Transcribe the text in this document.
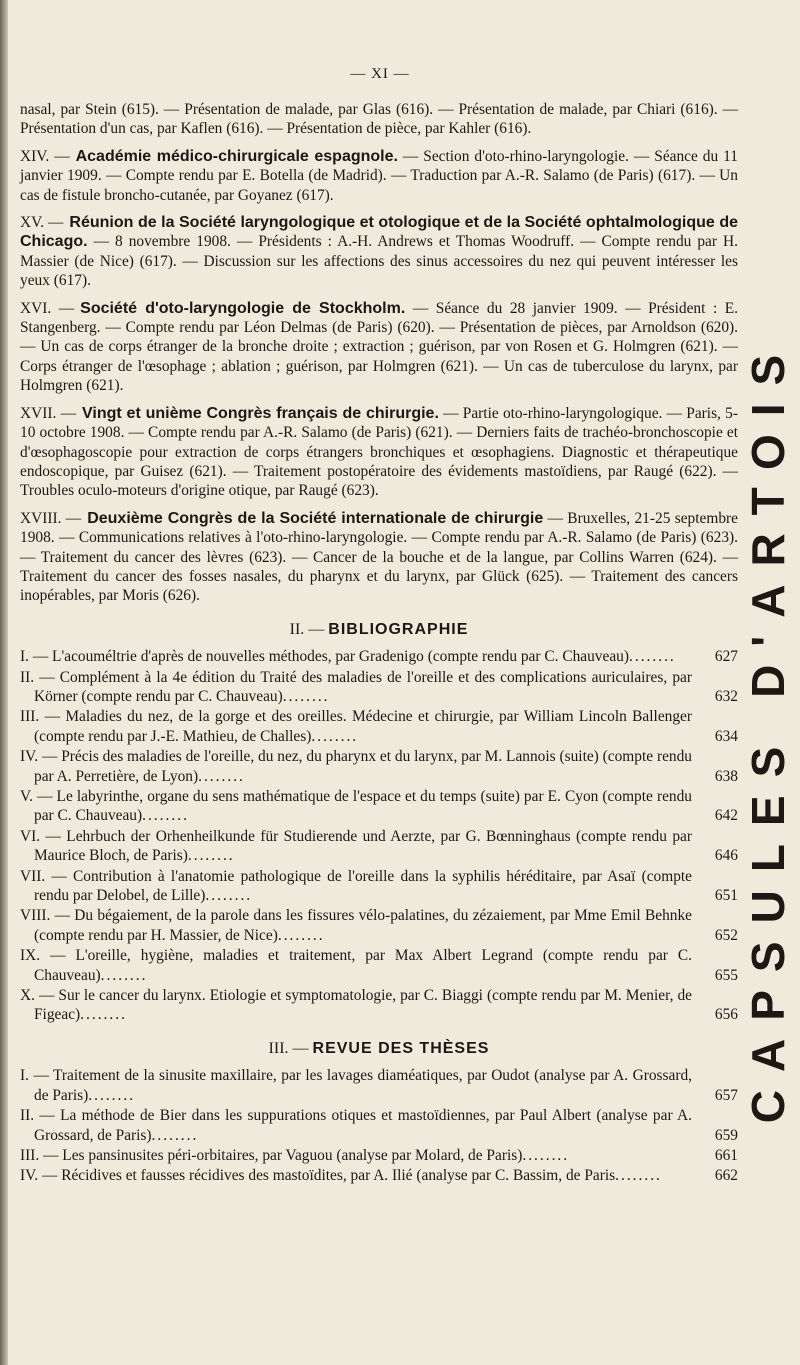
— XI —
nasal, par Stein (615). — Présentation de malade, par Glas (616). — Présentation de malade, par Chiari (616). — Présentation d'un cas, par Kaflen (616). — Présentation de pièce, par Kahler (616).
XIV. — Académie médico-chirurgicale espagnole. — Section d'oto-rhino-laryngologie. — Séance du 11 janvier 1909. — Compte rendu par E. Botella (de Madrid). — Traduction par A.-R. Salamo (de Paris) (617). — Un cas de fistule broncho-cutanée, par Goyanez (617).
XV. — Réunion de la Société laryngologique et otologique et de la Société ophtalmologique de Chicago. — 8 novembre 1908. — Présidents : A.-H. Andrews et Thomas Woodruff. — Compte rendu par H. Massier (de Nice) (617). — Discussion sur les affections des sinus accessoires du nez qui peuvent intéresser les yeux (617).
XVI. — Société d'oto-laryngologie de Stockholm. — Séance du 28 janvier 1909. — Président : E. Stangenberg. — Compte rendu par Léon Delmas (de Paris) (620). — Présentation de pièces, par Arnoldson (620). — Un cas de corps étranger de la bronche droite ; extraction ; guérison, par von Rosen et G. Holmgren (621). — Corps étranger de l'œsophage ; ablation ; guérison, par Holmgren (621). — Un cas de tuberculose du larynx, par Holmgren (621).
XVII. — Vingt et unième Congrès français de chirurgie. — Partie oto-rhino-laryngologique. — Paris, 5-10 octobre 1908. — Compte rendu par A.-R. Salamo (de Paris) (621). — Derniers faits de trachéo-bronchoscopie et d'œsophagoscopie pour extraction de corps étrangers bronchiques et œsophagiens. Diagnostic et thérapeutique endoscopique, par Guisez (621). — Traitement postopératoire des évidements mastoïdiens, par Raugé (622). — Troubles oculo-moteurs d'origine otique, par Raugé (623).
XVIII. — Deuxième Congrès de la Société internationale de chirurgie — Bruxelles, 21-25 septembre 1908. — Communications relatives à l'oto-rhino-laryngologie. — Compte rendu par A.-R. Salamo (de Paris) (623). — Traitement du cancer des lèvres (623). — Cancer de la bouche et de la langue, par Collins Warren (624). — Traitement du cancer des fosses nasales, du pharynx et du larynx, par Glück (625). — Traitement des cancers inopérables, par Moris (626).
II. — BIBLIOGRAPHIE
I. — L'acouméltrie d'après de nouvelles méthodes, par Gradenigo (compte rendu par C. Chauveau)........	627
II. — Complément à la 4e édition du Traité des maladies de l'oreille et des complications auriculaires, par Körner (compte rendu par C. Chauveau)........	632
III. — Maladies du nez, de la gorge et des oreilles. Médecine et chirurgie, par William Lincoln Ballenger (compte rendu par J.-E. Mathieu, de Challes)........	634
IV. — Précis des maladies de l'oreille, du nez, du pharynx et du larynx, par M. Lannois (suite) (compte rendu par A. Perretière, de Lyon)........	638
V. — Le labyrinthe, organe du sens mathématique de l'espace et du temps (suite) par E. Cyon (compte rendu par C. Chauveau)........	642
VI. — Lehrbuch der Orhenheilkunde für Studierende und Aerzte, par G. Bœnninghaus (compte rendu par Maurice Bloch, de Paris)........	646
VII. — Contribution à l'anatomie pathologique de l'oreille dans la syphilis héréditaire, par Asaï (compte rendu par Delobel, de Lille)........	651
VIII. — Du bégaiement, de la parole dans les fissures vélo-palatines, du zézaiement, par Mme Emil Behnke (compte rendu par H. Massier, de Nice)........	652
IX. — L'oreille, hygiène, maladies et traitement, par Max Albert Legrand (compte rendu par C. Chauveau)........	655
X. — Sur le cancer du larynx. Etiologie et symptomatologie, par C. Biaggi (compte rendu par M. Menier, de Figeac)........	656
III. — REVUE DES THÈSES
I. — Traitement de la sinusite maxillaire, par les lavages diaméatiques, par Oudot (analyse par A. Grossard, de Paris)........	657
II. — La méthode de Bier dans les suppurations otiques et mastoïdiennes, par Paul Albert (analyse par A. Grossard, de Paris)........	659
III. — Les pansinusites péri-orbitaires, par Vaguou (analyse par Molard, de Paris)........	661
IV. — Récidives et fausses récidives des mastoïdites, par A. Ilié (analyse par C. Bassim, de Paris........	662
CAPSULES D'ARTOIS
